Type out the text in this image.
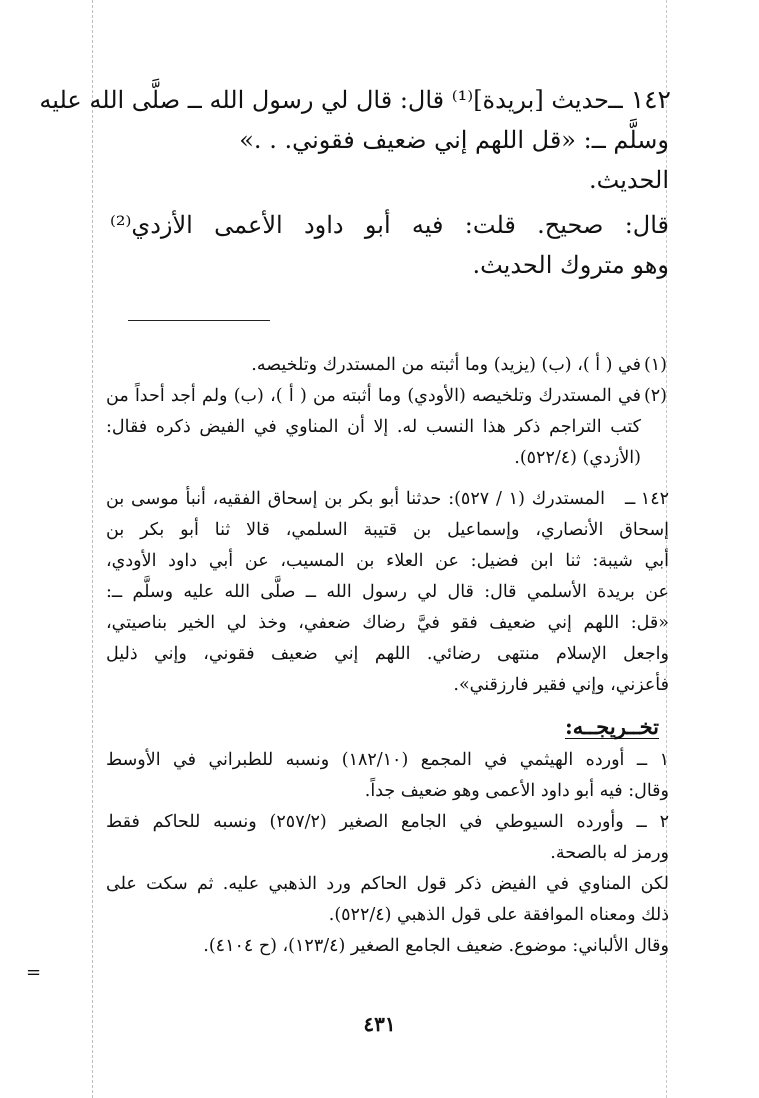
١٤٢ ــ
حديث [بريدة]⁽¹⁾ قال: قال لي رسول الله ــ صلَّى الله عليه
وسلَّم ــ: «قل اللهم إني ضعيف فقوني. . .»
الحديث.
قال: صحيح. قلت: فيه أبو داود الأعمى الأزدي⁽²⁾
وهو متروك الحديث.
(١)
في ( أ )، (ب) (يزيد) وما أثبته من المستدرك وتلخيصه.
(٢)
في المستدرك وتلخيصه (الأودي) وما أثبته من ( أ )، (ب) ولم أجد أحداً من
كتب التراجم ذكر هذا النسب له. إلا أن المناوي في الفيض ذكره فقال:
(الأزدي) (٥٢٢/٤).
١٤٢ ــ
المستدرك (١ / ٥٢٧): حدثنا أبو بكر بن إسحاق الفقيه، أنبأ موسى بن
إسحاق الأنصاري، وإسماعيل بن قتيبة السلمي، قالا ثنا أبو بكر بن
أبي شيبة: ثنا ابن فضيل: عن العلاء بن المسيب، عن أبي داود الأودي،
عن بريدة الأسلمي قال: قال لي رسول الله ــ صلَّى الله عليه وسلَّم ــ:
«قل: اللهم إني ضعيف فقو فيَّ رضاك ضعفي، وخذ لي الخير بناصيتي،
واجعل الإسلام منتهى رضائي. اللهم إني ضعيف فقوني، وإني ذليل
فأعزني، وإني فقير فارزقني».
تخــريجــه:
١ ــ أورده الهيثمي في المجمع (١٨٢/١٠) ونسبه للطبراني في الأوسط
وقال: فيه أبو داود الأعمى وهو ضعيف جداً.
٢ ــ وأورده السيوطي في الجامع الصغير (٢٥٧/٢) ونسبه للحاكم فقط
ورمز له بالصحة.
لكن المناوي في الفيض ذكر قول الحاكم ورد الذهبي عليه. ثم سكت على
ذلك ومعناه الموافقة على قول الذهبي (٥٢٢/٤).
وقال الألباني: موضوع. ضعيف الجامع الصغير (١٢٣/٤)، (ح ٤١٠٤).
=
٤٣١
